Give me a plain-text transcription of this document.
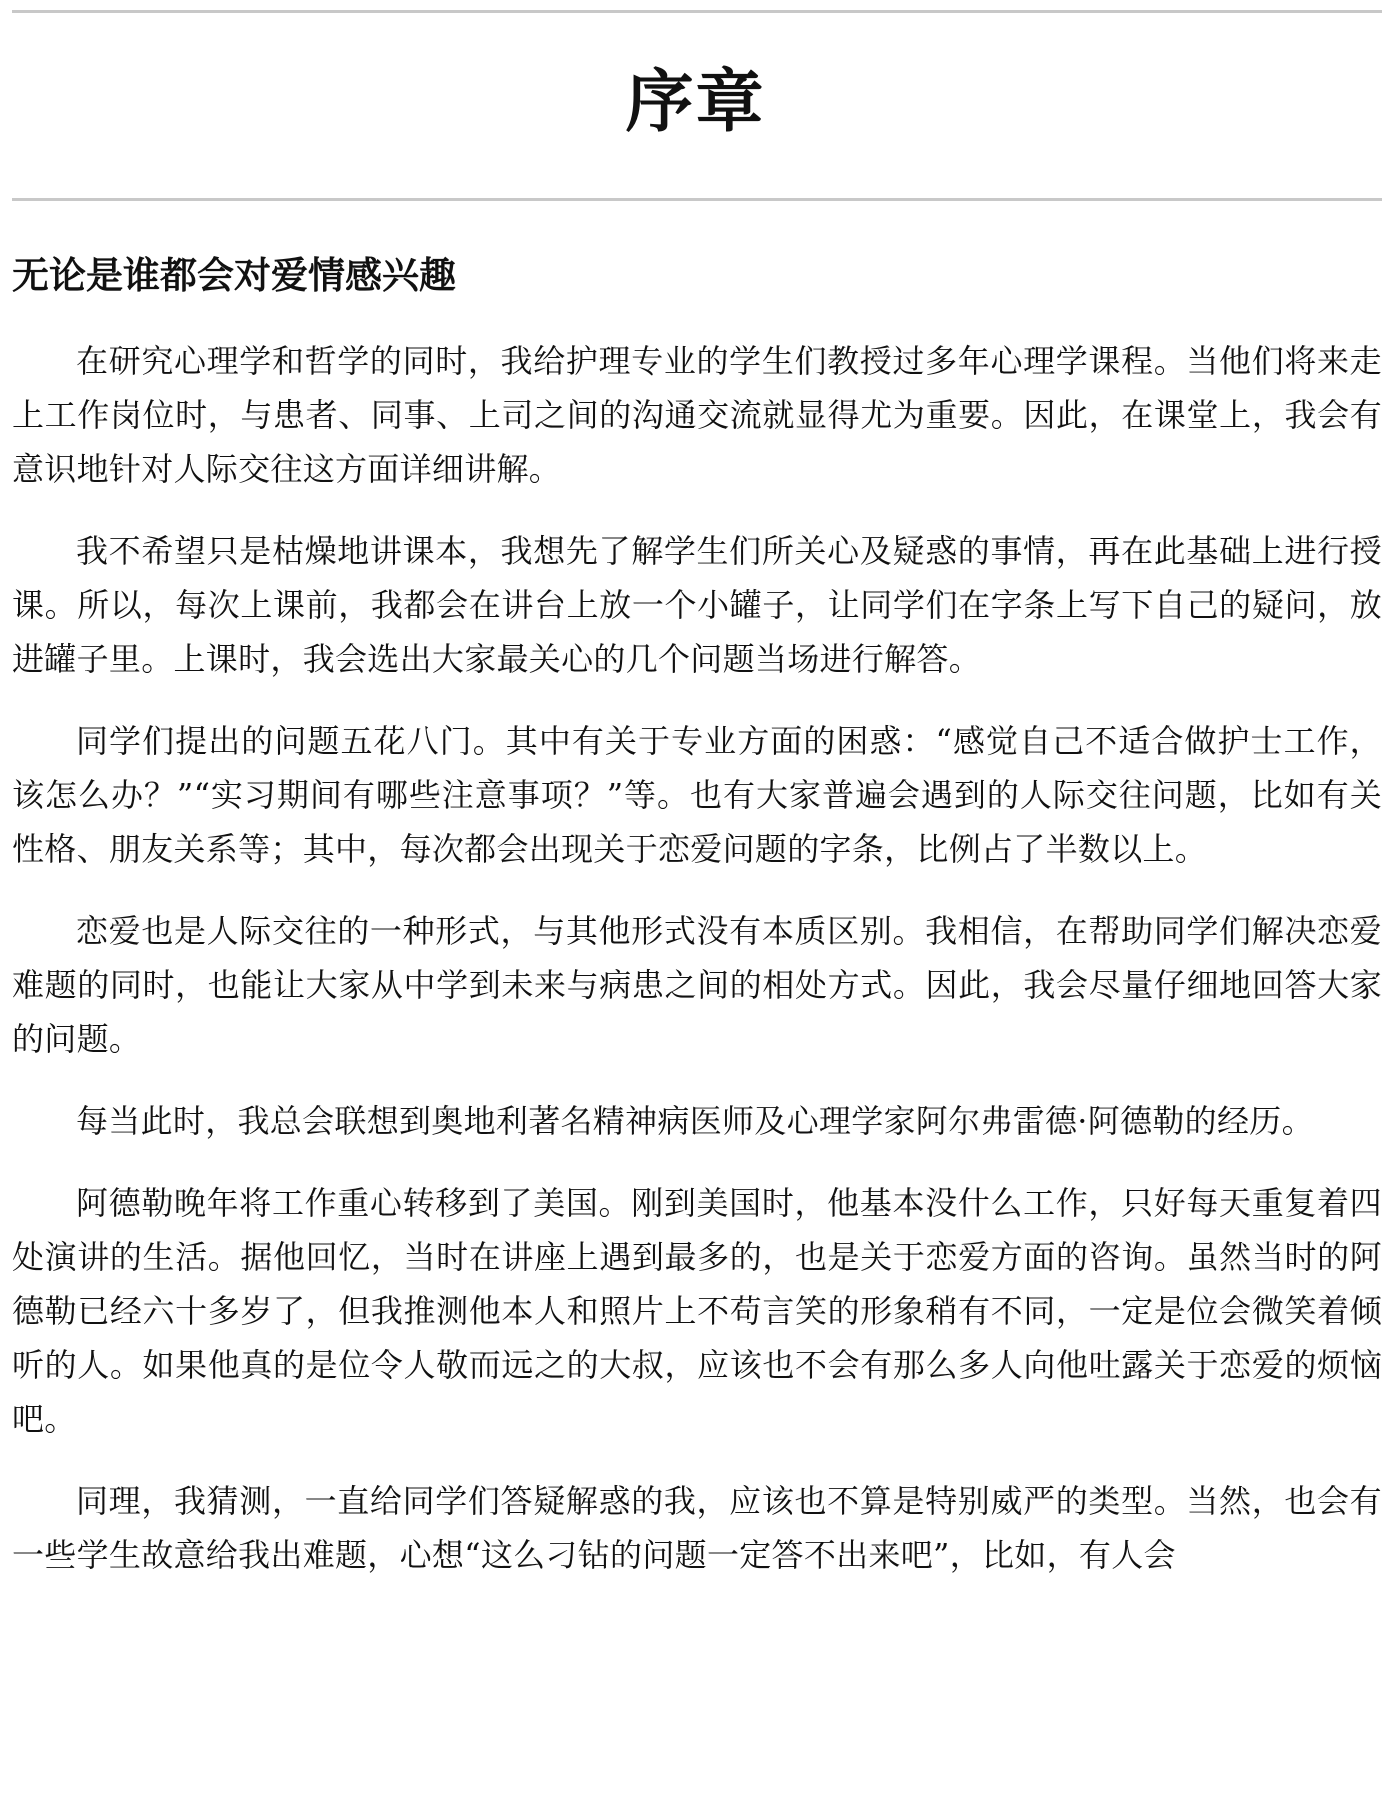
序章
无论是谁都会对爱情感兴趣

在研究心理学和哲学的同时，我给护理专业的学生们教授过多年心理学课程。当他们将来走上工作岗位时，与患者、同事、上司之间的沟通交流就显得尤为重要。因此，在课堂上，我会有意识地针对人际交往这方面详细讲解。

我不希望只是枯燥地讲课本，我想先了解学生们所关心及疑惑的事情，再在此基础上进行授课。所以，每次上课前，我都会在讲台上放一个小罐子，让同学们在字条上写下自己的疑问，放进罐子里。上课时，我会选出大家最关心的几个问题当场进行解答。

同学们提出的问题五花八门。其中有关于专业方面的困惑：“感觉自己不适合做护士工作，该怎么办？”“实习期间有哪些注意事项？”等。也有大家普遍会遇到的人际交往问题，比如有关性格、朋友关系等；其中，每次都会出现关于恋爱问题的字条，比例占了半数以上。

恋爱也是人际交往的一种形式，与其他形式没有本质区别。我相信，在帮助同学们解决恋爱难题的同时，也能让大家从中学到未来与病患之间的相处方式。因此，我会尽量仔细地回答大家的问题。

每当此时，我总会联想到奥地利著名精神病医师及心理学家阿尔弗雷德·阿德勒的经历。

阿德勒晚年将工作重心转移到了美国。刚到美国时，他基本没什么工作，只好每天重复着四处演讲的生活。据他回忆，当时在讲座上遇到最多的，也是关于恋爱方面的咨询。虽然当时的阿德勒已经六十多岁了，但我推测他本人和照片上不苟言笑的形象稍有不同，一定是位会微笑着倾听的人。如果他真的是位令人敬而远之的大叔，应该也不会有那么多人向他吐露关于恋爱的烦恼吧。

同理，我猜测，一直给同学们答疑解惑的我，应该也不算是特别威严的类型。当然，也会有一些学生故意给我出难题，心想“这么刁钻的问题一定答不出来吧”，比如，有人会
